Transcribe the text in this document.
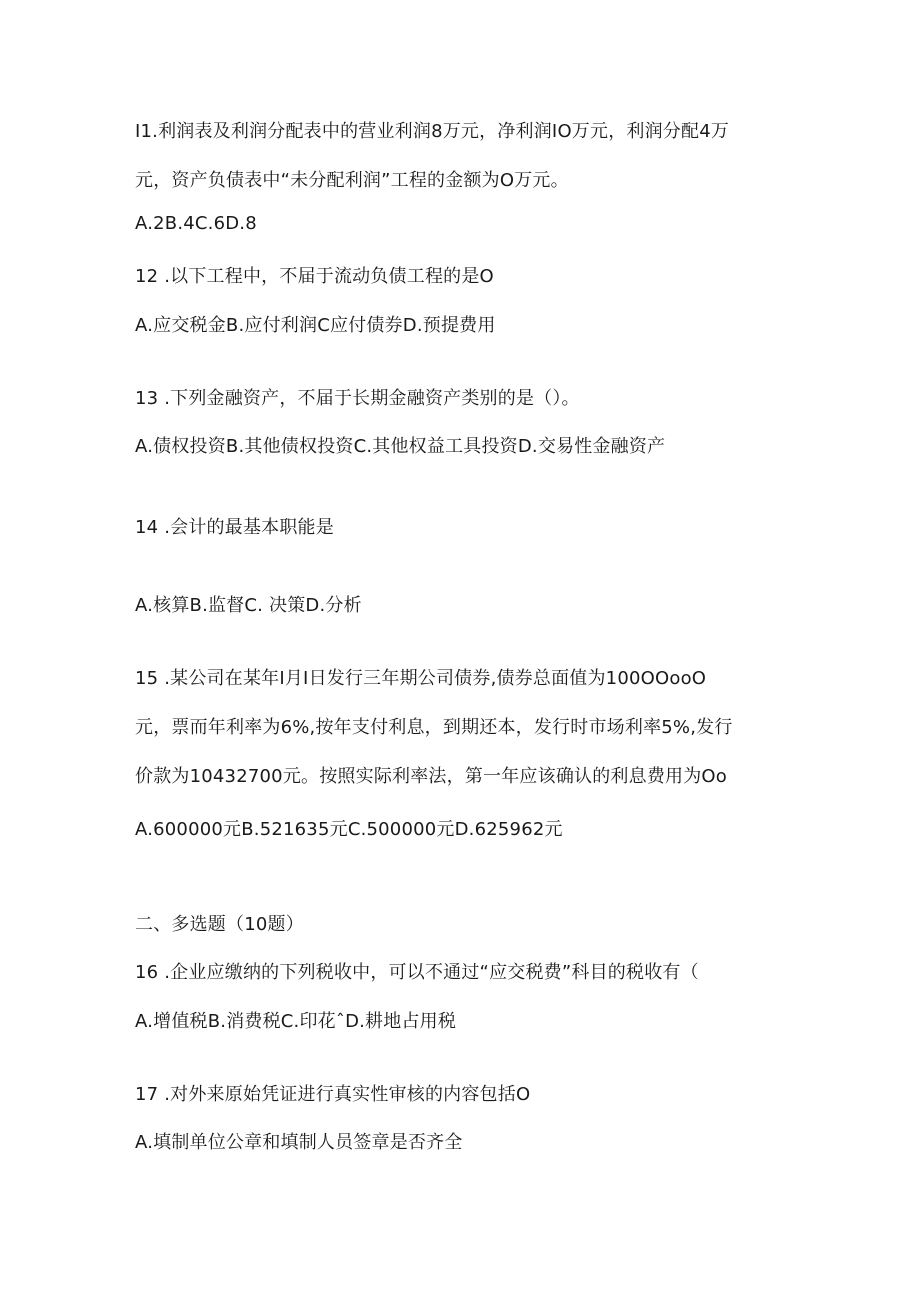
I1.利润表及利润分配表中的营业利润8万元，净利润IO万元，利润分配4万
元，资产负债表中“未分配利润”工程的金额为O万元。
A.2B.4C.6D.8
12 .以下工程中，不届于流动负债工程的是O
A.应交税金B.应付利润C应付债券D.预提费用
13 .下列金融资产，不届于长期金融资产类别的是（）。
A.债权投资B.其他债权投资C.其他权益工具投资D.交易性金融资产
14 .会计的最基本职能是
A.核算B.监督C. 决策D.分析
15 .某公司在某年I月I日发行三年期公司债券,债券总面值为100OOooO
元，票而年利率为6%,按年支付利息，到期还本，发行时市场利率5%,发行
价款为10432700元。按照实际利率法，第一年应该确认的利息费用为Oo
A.600000元B.521635元C.500000元D.625962元
二、多选题（10题）
16 .企业应缴纳的下列税收中，可以不通过“应交税费”科目的税收有（
A.增值税B.消费税C.印花ˆD.耕地占用税
17 .对外来原始凭证进行真实性审核的内容包括O
A.填制单位公章和填制人员签章是否齐全
